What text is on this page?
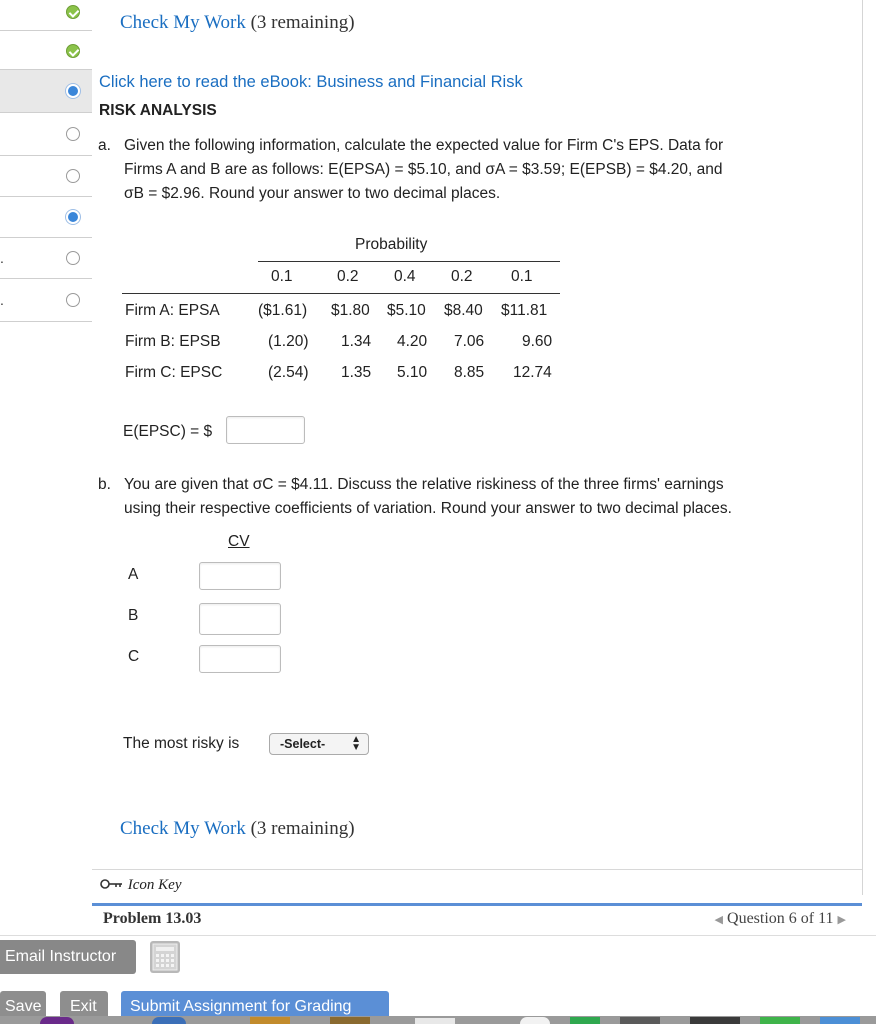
.
.
Check My Work (3 remaining)
Click here to read the eBook: Business and Financial Risk
RISK ANALYSIS
a. Given the following information, calculate the expected value for Firm C's EPS. Data for
Firms A and B are as follows: E(EPSA) = $5.10, and σA = $3.59; E(EPSB) = $4.20, and
σB = $2.96. Round your answer to two decimal places.
Probability
0.1	0.2 0.4 0.2 0.1
Firm A: EPSA ($1.61) $1.80 $5.10 $8.40 $11.81
Firm B: EPSB	(1.20) 1.34 4.20 7.06 9.60
Firm C: EPSC	(2.54) 1.35 5.10 8.85 12.74
E(EPSC) = $
b. You are given that σC = $4.11. Discuss the relative riskiness of the three firms' earnings
using their respective coefficients of variation. Round your answer to two decimal places.
CV
A
B
C
The most risky is	-Select-	▲
▼
Check My Work (3 remaining)
Icon Key
Problem 13.03	◀ Question 6 of 11 ▶
Email Instructor
Save Exit Submit Assignment for Grading
